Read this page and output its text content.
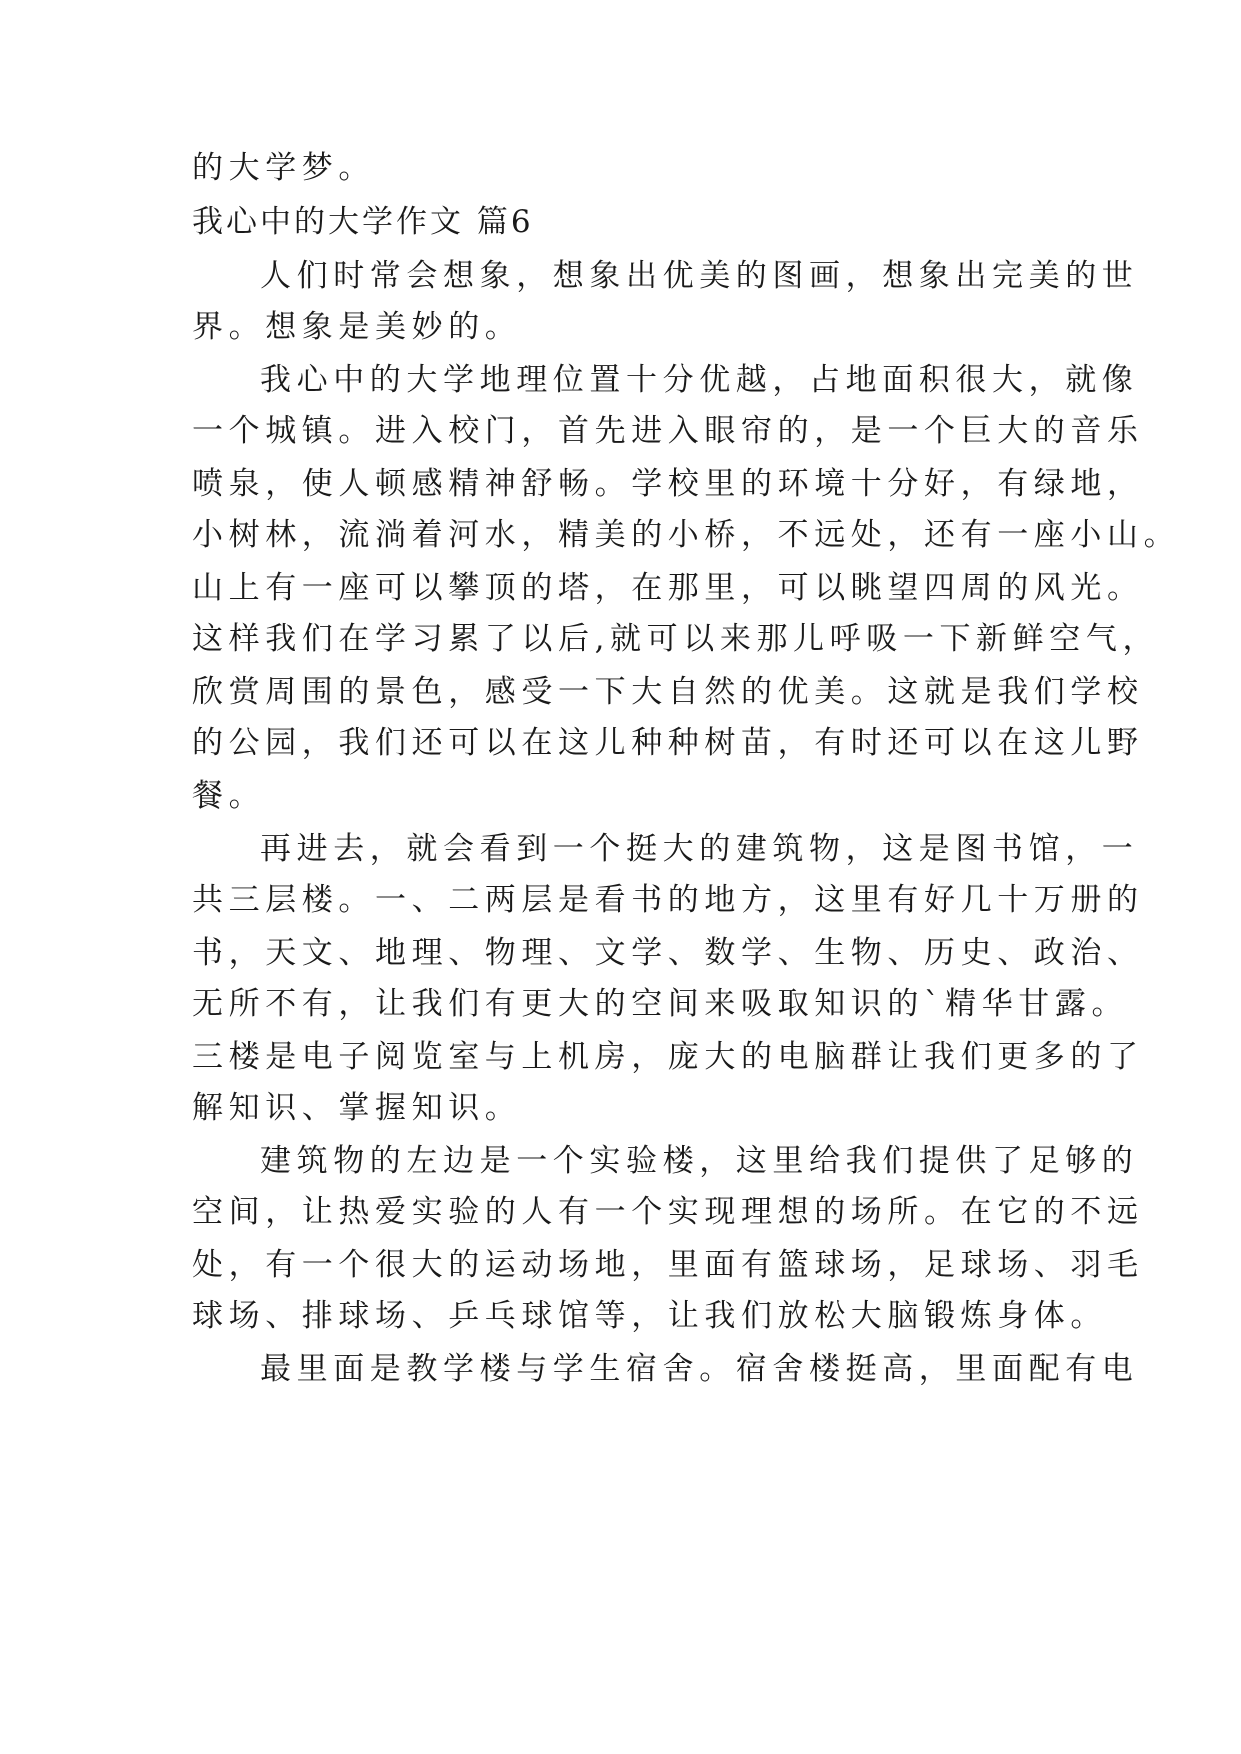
的大学梦。

我心中的大学作文 篇6

人们时常会想象，想象出优美的图画，想象出完美的世

界。想象是美妙的。

我心中的大学地理位置十分优越，占地面积很大，就像

一个城镇。进入校门，首先进入眼帘的，是一个巨大的音乐

喷泉，使人顿感精神舒畅。学校里的环境十分好，有绿地，

小树林，流淌着河水，精美的小桥，不远处，还有一座小山。

山上有一座可以攀顶的塔，在那里，可以眺望四周的风光。

这样我们在学习累了以后,就可以来那儿呼吸一下新鲜空气，

欣赏周围的景色，感受一下大自然的优美。这就是我们学校

的公园，我们还可以在这儿种种树苗，有时还可以在这儿野

餐。

再进去，就会看到一个挺大的建筑物，这是图书馆，一

共三层楼。一、二两层是看书的地方，这里有好几十万册的

书，天文、地理、物理、文学、数学、生物、历史、政治、

无所不有，让我们有更大的空间来吸取知识的`精华甘露。

三楼是电子阅览室与上机房，庞大的电脑群让我们更多的了

解知识、掌握知识。

建筑物的左边是一个实验楼，这里给我们提供了足够的

空间，让热爱实验的人有一个实现理想的场所。在它的不远

处，有一个很大的运动场地，里面有篮球场，足球场、羽毛

球场、排球场、乒乓球馆等，让我们放松大脑锻炼身体。

最里面是教学楼与学生宿舍。宿舍楼挺高，里面配有电
